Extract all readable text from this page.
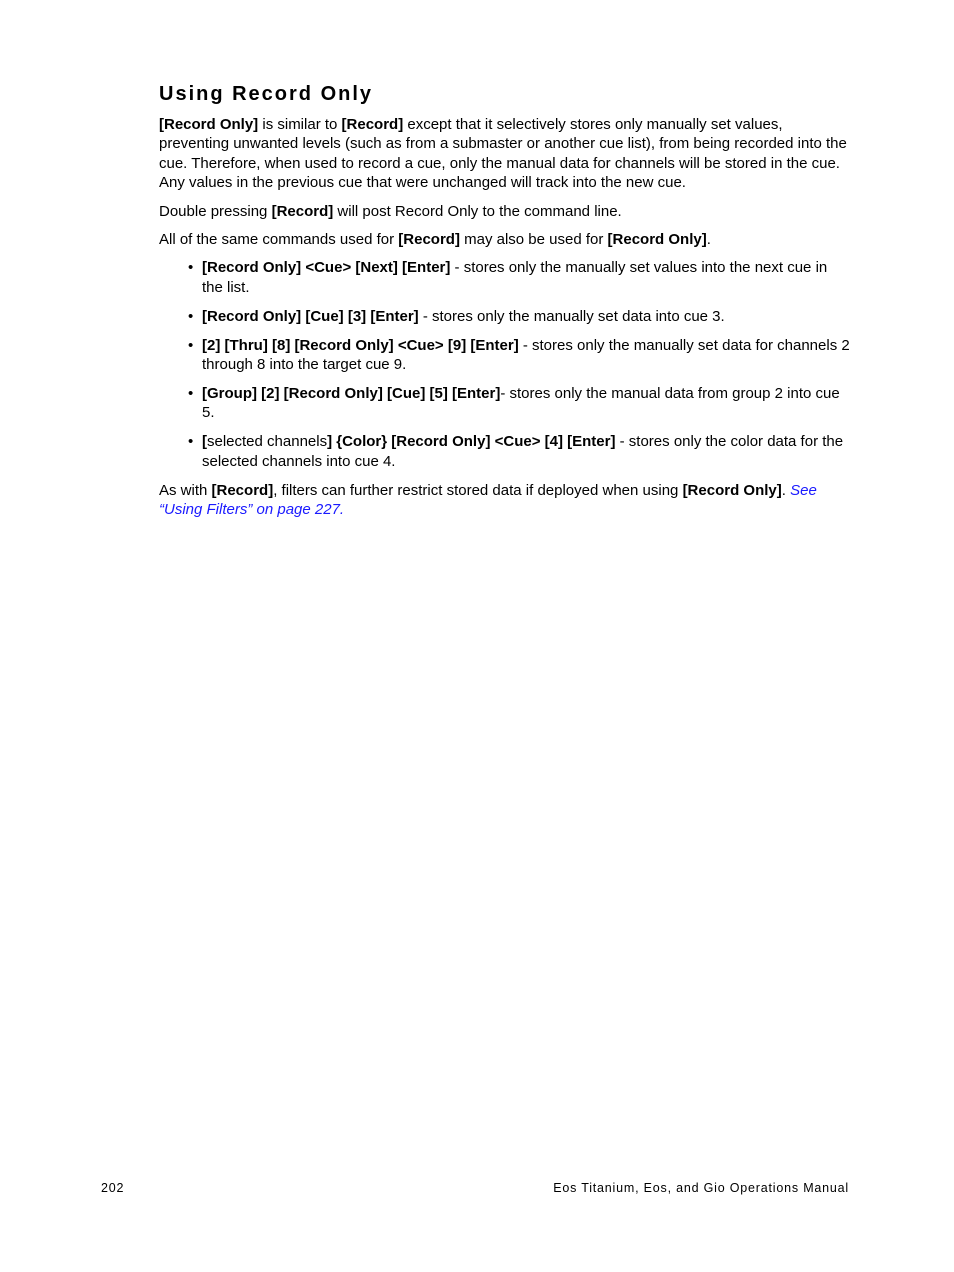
Using Record Only

[Record Only] is similar to [Record] except that it selectively stores only manually set values, preventing unwanted levels (such as from a submaster or another cue list), from being recorded into the cue. Therefore, when used to record a cue, only the manual data for channels will be stored in the cue. Any values in the previous cue that were unchanged will track into the new cue.

Double pressing [Record] will post Record Only to the command line.

All of the same commands used for [Record] may also be used for [Record Only].

• [Record Only] <Cue> [Next] [Enter] - stores only the manually set values into the next cue in the list.
• [Record Only] [Cue] [3] [Enter] - stores only the manually set data into cue 3.
• [2] [Thru] [8] [Record Only] <Cue> [9] [Enter] - stores only the manually set data for channels 2 through 8 into the target cue 9.
• [Group] [2] [Record Only] [Cue] [5] [Enter]- stores only the manual data from group 2 into cue 5.
• [selected channels] {Color} [Record Only] <Cue> [4] [Enter] - stores only the color data for the selected channels into cue 4.

As with [Record], filters can further restrict stored data if deployed when using [Record Only]. See “Using Filters” on page 227.

202	Eos Titanium, Eos, and Gio Operations Manual
